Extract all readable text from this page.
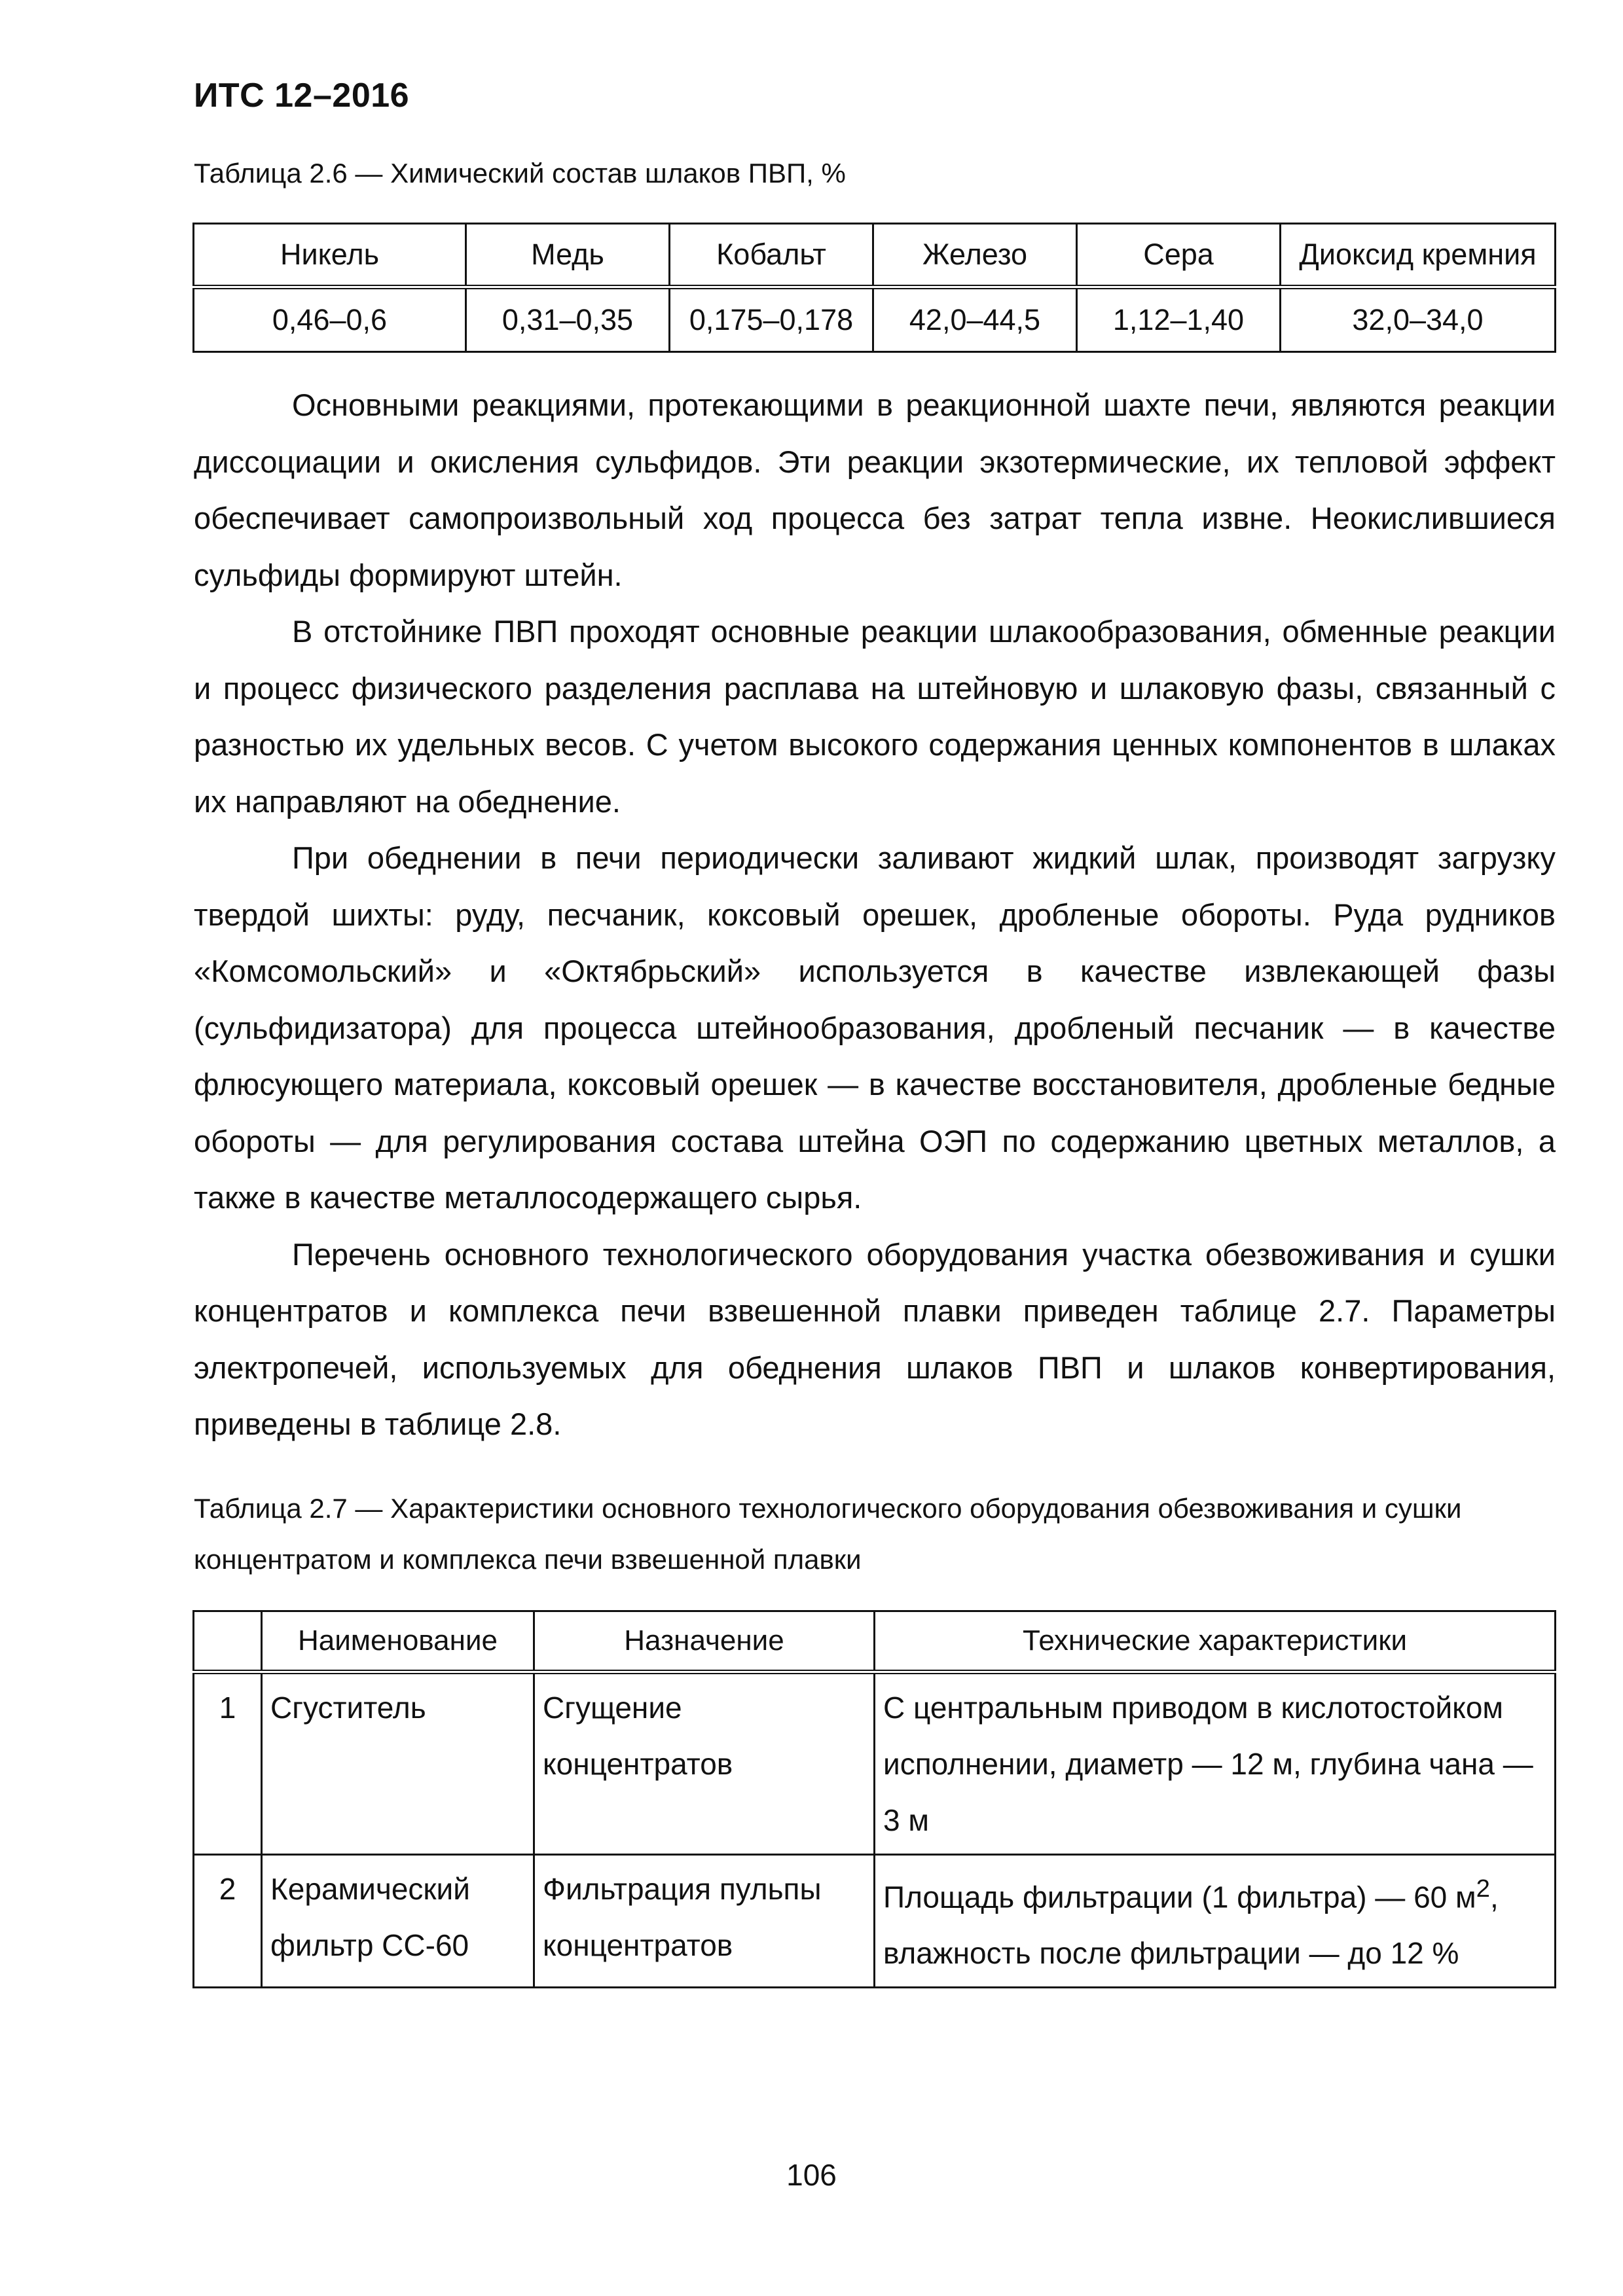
ИТС 12–2016
Таблица 2.6 — Химический состав шлаков ПВП, %
Никель	Медь	Кобальт	Железо	Сера	Диоксид кремния
0,46–0,6	0,31–0,35	0,175–0,178	42,0–44,5	1,12–1,40	32,0–34,0

Основными реакциями, протекающими в реакционной шахте печи, являются реакции диссоциации и окисления сульфидов. Эти реакции экзотермические, их тепловой эффект обеспечивает самопроизвольный ход процесса без затрат тепла извне. Неокислившиеся сульфиды формируют штейн.

В отстойнике ПВП проходят основные реакции шлакообразования, обменные реакции и процесс физического разделения расплава на штейновую и шлаковую фазы, связанный с разностью их удельных весов. С учетом высокого содержания ценных компонентов в шлаках их направляют на обеднение.

При обеднении в печи периодически заливают жидкий шлак, производят загрузку твердой шихты: руду, песчаник, коксовый орешек, дробленые обороты. Руда рудников «Комсомольский» и «Октябрьский» используется в качестве извлекающей фазы (сульфидизатора) для процесса штейнообразования, дробленый песчаник — в качестве флюсующего материала, коксовый орешек — в качестве восстановителя, дробленые бедные обороты — для регулирования состава штейна ОЭП по содержанию цветных металлов, а также в качестве металлосодержащего сырья.

Перечень основного технологического оборудования участка обезвоживания и сушки концентратов и комплекса печи взвешенной плавки приведен таблице 2.7. Параметры электропечей, используемых для обеднения шлаков ПВП и шлаков конвертирования, приведены в таблице 2.8.

Таблица 2.7 — Характеристики основного технологического оборудования обезвоживания и сушки концентратом и комплекса печи взвешенной плавки
	Наименование	Назначение	Технические характеристики
1	Сгуститель	Сгущение концентратов	С центральным приводом в кислотостойком исполнении, диаметр — 12 м, глубина чана — 3 м
2	Керамический фильтр СС-60	Фильтрация пульпы концентратов	Площадь фильтрации (1 фильтра) — 60 $м^2$, влажность после фильтрации — до 12 %
106
